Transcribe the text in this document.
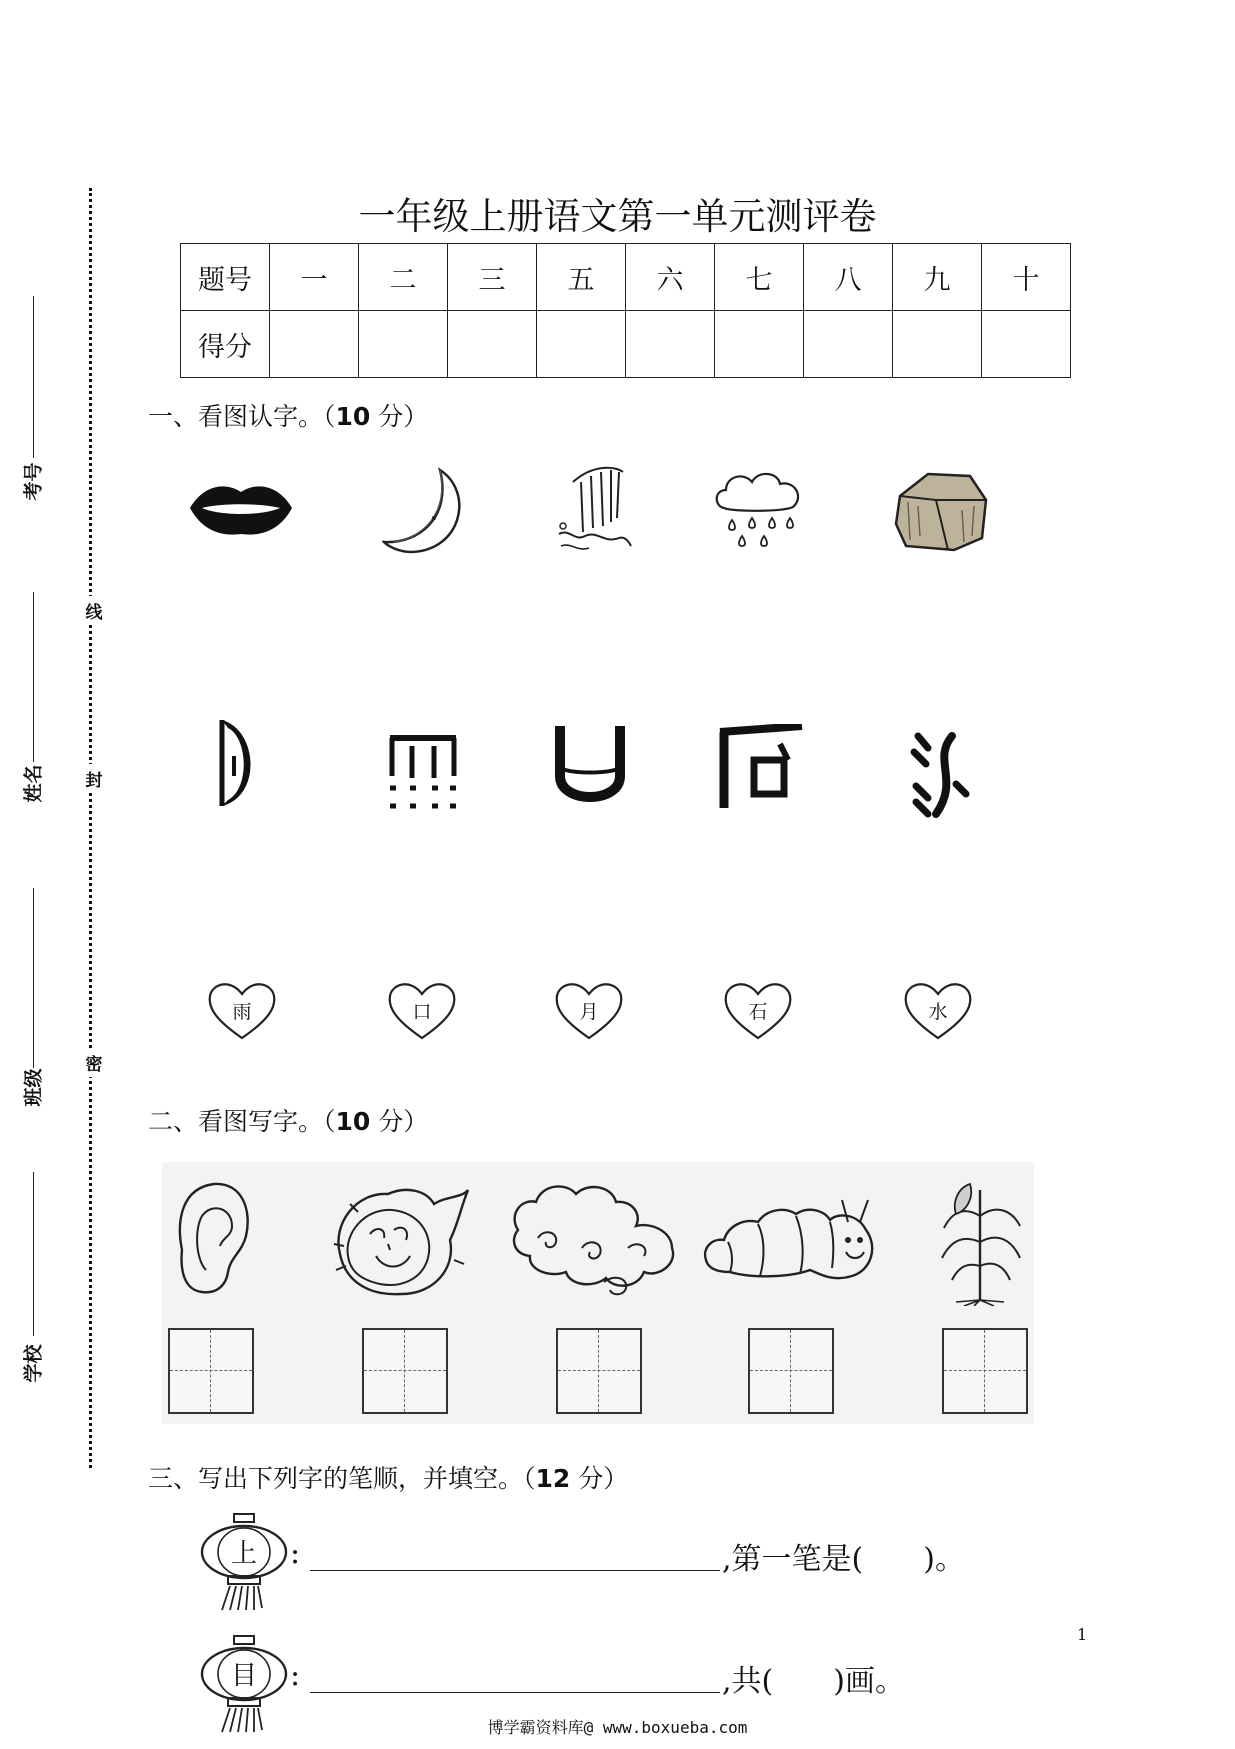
考号
姓名
班级
学校
线
封
密
一年级上册语文第一单元测评卷
题号	一	二	三	五	六	七	八	九	十
得分									
一、看图认字。（10 分）
雨	口	月	石	水
二、看图写字。（10 分）
三、写出下列字的笔顺，并填空。（12 分）
上 :	,第一笔是(　　)。
目 :	,共(　　)画。
1
博学霸资料库@ www.boxueba.com
